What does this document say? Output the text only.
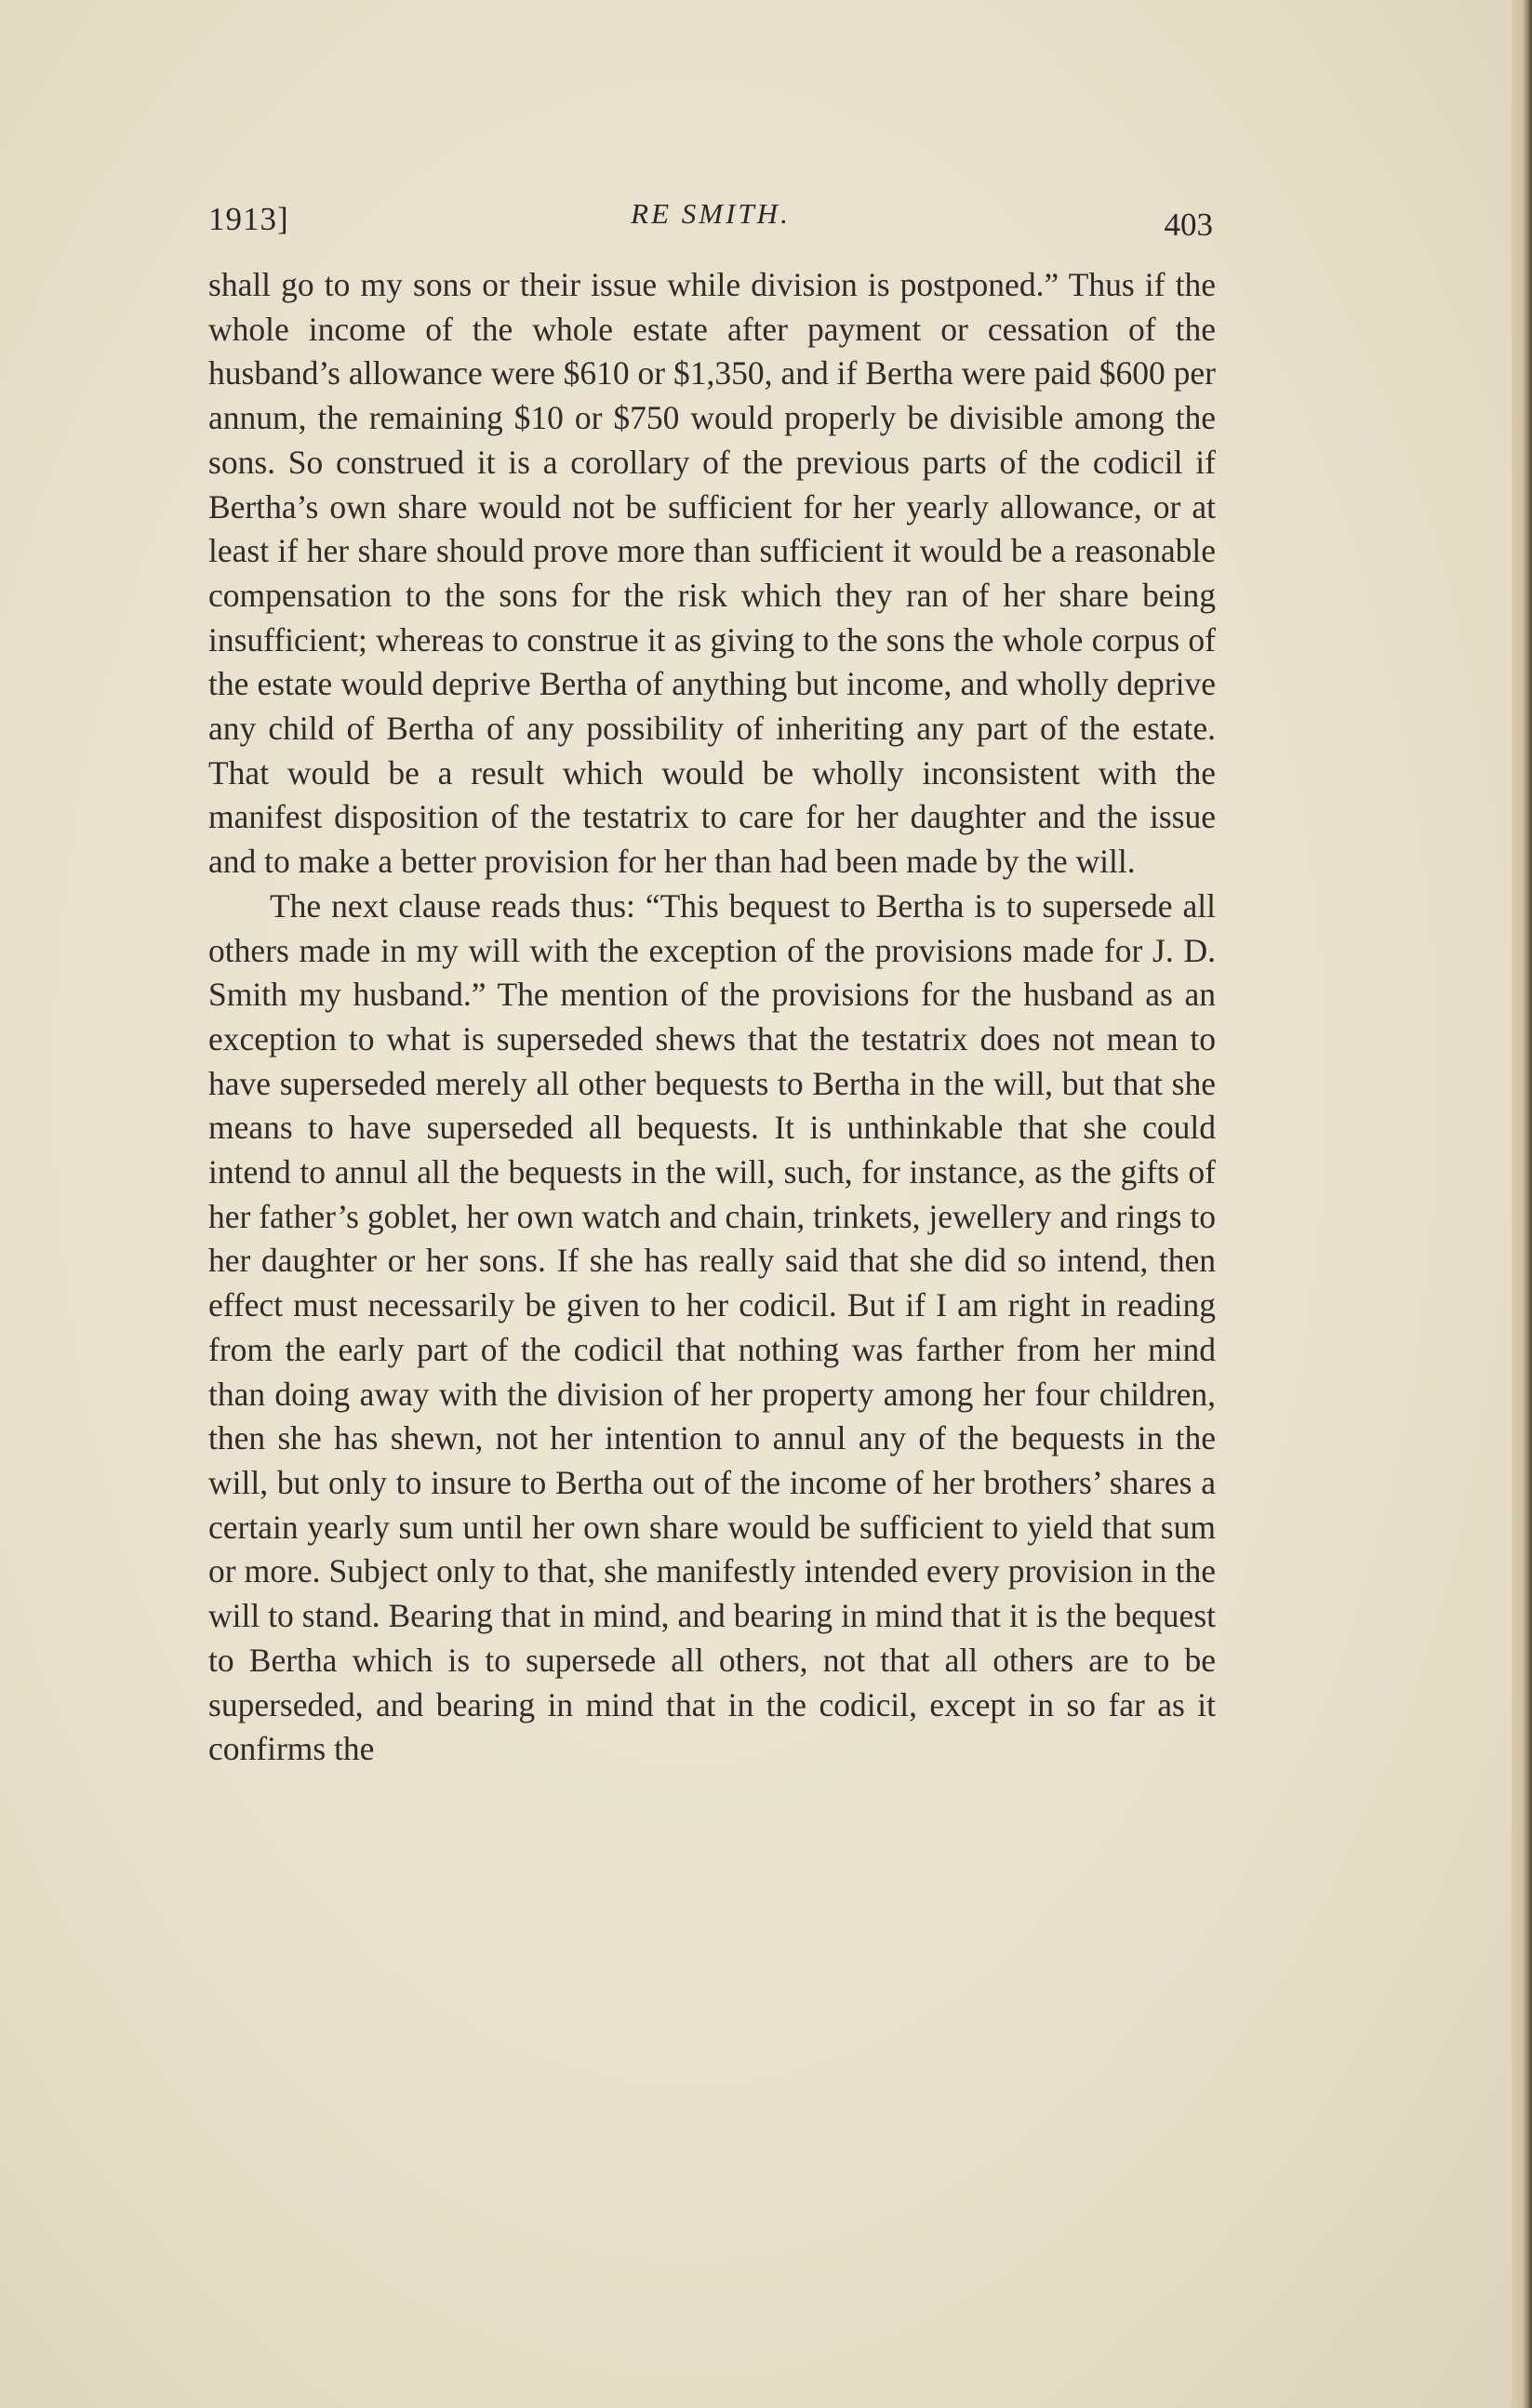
1913]	RE SMITH.	403

shall go to my sons or their issue while division is postponed.” Thus if the whole income of the whole estate after payment or cessation of the husband’s allowance were $610 or $1,350, and if Bertha were paid $600 per annum, the remaining $10 or $750 would properly be divisible among the sons. So construed it is a corollary of the previous parts of the codicil if Bertha’s own share would not be sufficient for her yearly allowance, or at least if her share should prove more than sufficient it would be a reasonable compensation to the sons for the risk which they ran of her share being insufficient; whereas to construe it as giving to the sons the whole corpus of the estate would deprive Bertha of anything but income, and wholly deprive any child of Bertha of any possibility of inheriting any part of the estate. That would be a result which would be wholly inconsistent with the manifest disposition of the testatrix to care for her daughter and the issue and to make a better provision for her than had been made by the will.

The next clause reads thus: “This bequest to Bertha is to supersede all others made in my will with the exception of the provisions made for J. D. Smith my husband.” The mention of the provisions for the husband as an exception to what is superseded shews that the testatrix does not mean to have superseded merely all other bequests to Bertha in the will, but that she means to have superseded all bequests. It is unthinkable that she could intend to annul all the bequests in the will, such, for instance, as the gifts of her father’s goblet, her own watch and chain, trinkets, jewellery and rings to her daughter or her sons. If she has really said that she did so intend, then effect must necessarily be given to her codicil. But if I am right in reading from the early part of the codicil that nothing was farther from her mind than doing away with the division of her property among her four children, then she has shewn, not her intention to annul any of the bequests in the will, but only to insure to Bertha out of the income of her brothers’ shares a certain yearly sum until her own share would be sufficient to yield that sum or more. Subject only to that, she manifestly intended every provision in the will to stand. Bearing that in mind, and bearing in mind that it is the bequest to Bertha which is to supersede all others, not that all others are to be superseded, and bearing in mind that in the codicil, except in so far as it confirms the
